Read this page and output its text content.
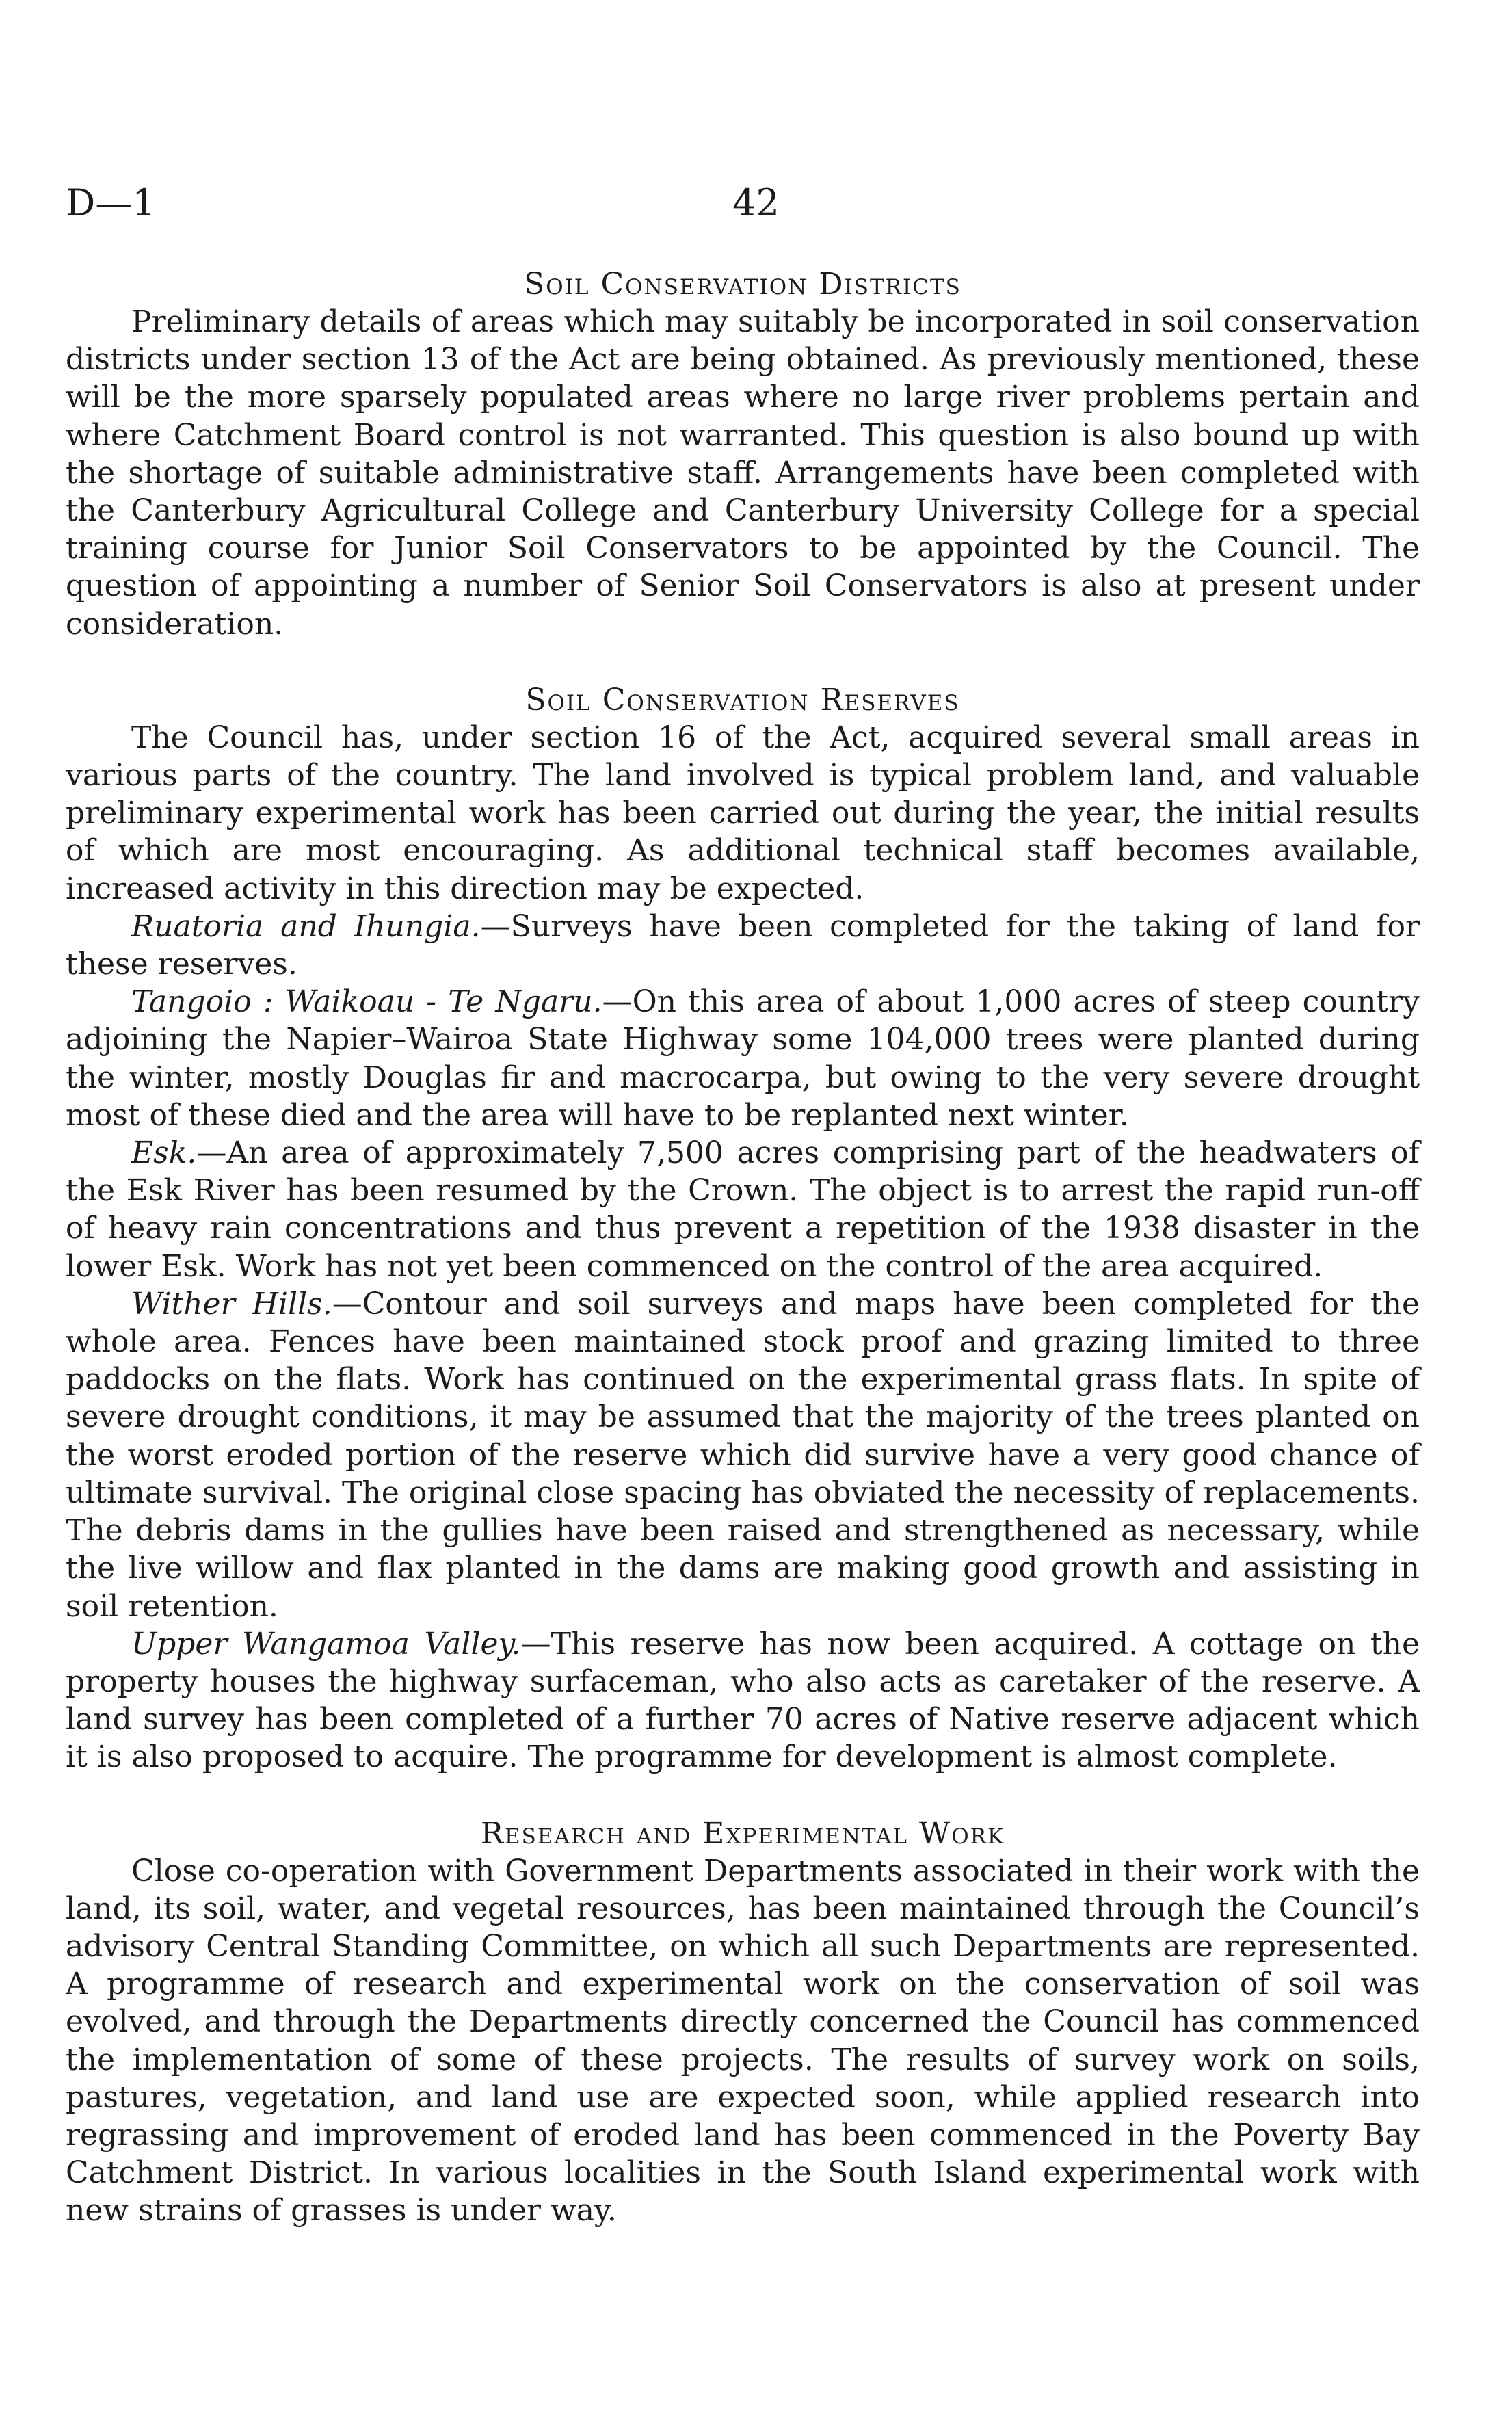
D—1	42
Soil Conservation Districts

Preliminary details of areas which may suitably be incorporated in soil conservation districts under section 13 of the Act are being obtained. As previously mentioned, these will be the more sparsely populated areas where no large river problems pertain and where Catchment Board control is not warranted. This question is also bound up with the shortage of suitable administrative staff. Arrangements have been completed with the Canterbury Agricultural College and Canterbury University College for a special training course for Junior Soil Conservators to be appointed by the Council. The question of appointing a number of Senior Soil Conservators is also at present under consideration.

Soil Conservation Reserves

The Council has, under section 16 of the Act, acquired several small areas in various parts of the country. The land involved is typical problem land, and valuable preliminary experimental work has been carried out during the year, the initial results of which are most encouraging. As additional technical staff becomes available, increased activity in this direction may be expected.

Ruatoria and Ihungia.—Surveys have been completed for the taking of land for these reserves.

Tangoio : Waikoau - Te Ngaru.—On this area of about 1,000 acres of steep country adjoining the Napier–Wairoa State Highway some 104,000 trees were planted during the winter, mostly Douglas fir and macrocarpa, but owing to the very severe drought most of these died and the area will have to be replanted next winter.

Esk.—An area of approximately 7,500 acres comprising part of the headwaters of the Esk River has been resumed by the Crown. The object is to arrest the rapid run-off of heavy rain concentrations and thus prevent a repetition of the 1938 disaster in the lower Esk. Work has not yet been commenced on the control of the area acquired.

Wither Hills.—Contour and soil surveys and maps have been completed for the whole area. Fences have been maintained stock proof and grazing limited to three paddocks on the flats. Work has continued on the experimental grass flats. In spite of severe drought conditions, it may be assumed that the majority of the trees planted on the worst eroded portion of the reserve which did survive have a very good chance of ultimate survival. The original close spacing has obviated the necessity of replacements. The debris dams in the gullies have been raised and strengthened as necessary, while the live willow and flax planted in the dams are making good growth and assisting in soil retention.

Upper Wangamoa Valley.—This reserve has now been acquired. A cottage on the property houses the highway surfaceman, who also acts as caretaker of the reserve. A land survey has been completed of a further 70 acres of Native reserve adjacent which it is also proposed to acquire. The programme for development is almost complete.

Research and Experimental Work

Close co-operation with Government Departments associated in their work with the land, its soil, water, and vegetal resources, has been maintained through the Council’s advisory Central Standing Committee, on which all such Departments are represented. A programme of research and experimental work on the conservation of soil was evolved, and through the Departments directly concerned the Council has commenced the implementation of some of these projects. The results of survey work on soils, pastures, vegetation, and land use are expected soon, while applied research into regrassing and improvement of eroded land has been commenced in the Poverty Bay Catchment District. In various localities in the South Island experimental work with new strains of grasses is under way.
